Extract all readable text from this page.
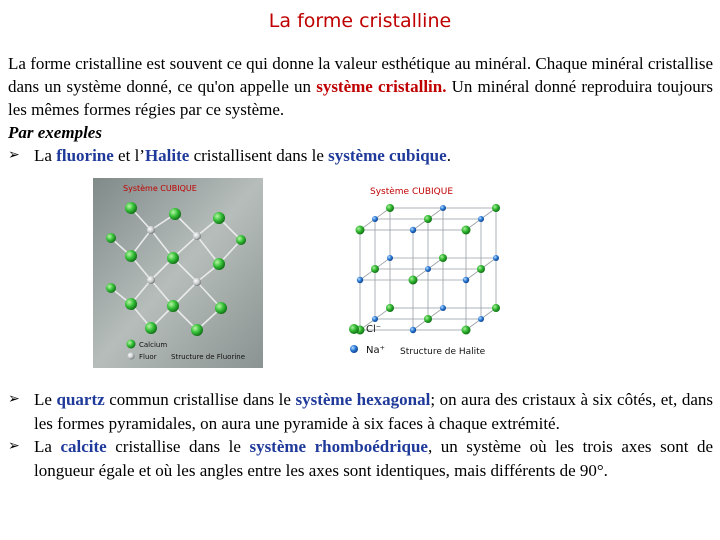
La forme cristalline

La forme cristalline est souvent ce qui donne la valeur esthétique au minéral. Chaque minéral cristallise dans un système donné, ce qu'on appelle un système cristallin. Un minéral donné reproduira toujours les mêmes formes régies par ce système.

Par exemples

➢ La fluorine et l’Halite cristallisent dans le système cubique.
Système CUBIQUE
Calcium
Fluor Structure de Fluorine
Système CUBIQUE
Cl⁻
Na⁺ Structure de Halite
➢ Le quartz commun cristallise dans le système hexagonal; on aura des cristaux à six côtés, et, dans les formes pyramidales, on aura une pyramide à six faces à chaque extrémité.
➢ La calcite cristallise dans le système rhomboédrique, un système où les trois axes sont de longueur égale et où les angles entre les axes sont identiques, mais différents de 90°.
